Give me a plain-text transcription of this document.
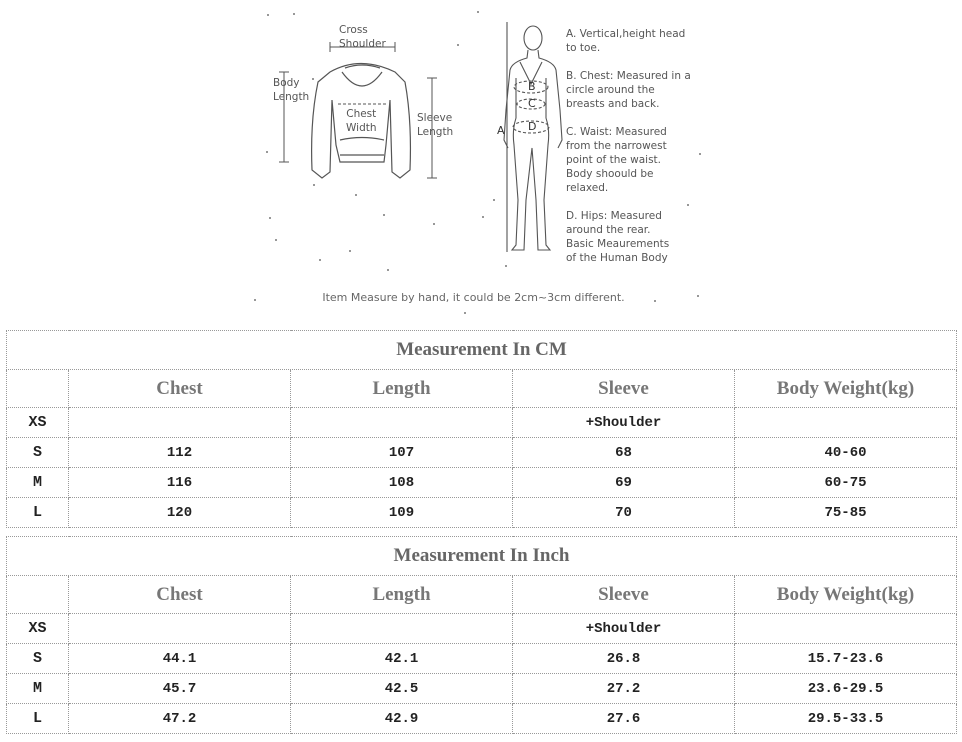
Cross
Shoulder
Body
Length
Chest
Width
Sleeve
Length	A
B
C
D
A. Vertical,height head
to toe.
B. Chest: Measured in a
circle around the
breasts and back.
C. Waist: Measured
from the narrowest
point of the waist.
Body shoould be
relaxed.
D. Hips: Measured
around the rear.
Basic Meaurements
of the Human Body
Item Measure by hand, it could be 2cm~3cm different.
Measurement In CM				
	Chest	Length	Sleeve	Body Weight(kg)
XS			+Shoulder	
S	112	107	68	40-60
M	116	108	69	60-75
L	120	109	70	75-85
Measurement In Inch				
	Chest	Length	Sleeve	Body Weight(kg)
XS			+Shoulder	
S	44.1	42.1	26.8	15.7-23.6
M	45.7	42.5	27.2	23.6-29.5
L	47.2	42.9	27.6	29.5-33.5
